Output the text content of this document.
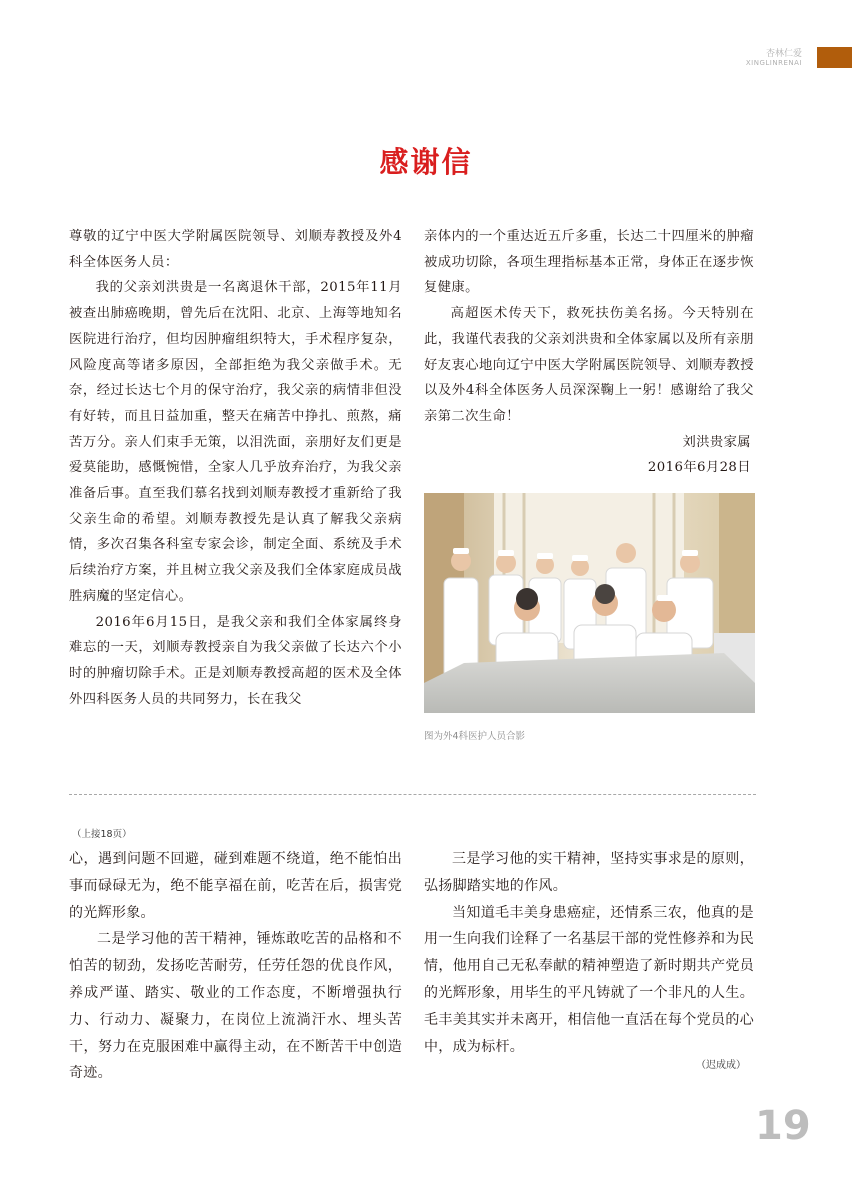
杏林仁爱
XINGLINRENAI
感谢信

尊敬的辽宁中医大学附属医院领导、刘顺寿教授及外4科全体医务人员：

我的父亲刘洪贵是一名离退休干部，2015年11月被查出肺癌晚期，曾先后在沈阳、北京、上海等地知名医院进行治疗，但均因肿瘤组织特大，手术程序复杂，风险度高等诸多原因，全部拒绝为我父亲做手术。无奈，经过长达七个月的保守治疗，我父亲的病情非但没有好转，而且日益加重，整天在痛苦中挣扎、煎熬，痛苦万分。亲人们束手无策，以泪洗面，亲朋好友们更是爱莫能助，感慨惋惜，全家人几乎放弃治疗，为我父亲准备后事。直至我们慕名找到刘顺寿教授才重新给了我父亲生命的希望。刘顺寿教授先是认真了解我父亲病情，多次召集各科室专家会诊，制定全面、系统及手术后续治疗方案，并且树立我父亲及我们全体家庭成员战胜病魔的坚定信心。

2016年6月15日，是我父亲和我们全体家属终身难忘的一天，刘顺寿教授亲自为我父亲做了长达六个小时的肿瘤切除手术。正是刘顺寿教授高超的医术及全体外四科医务人员的共同努力，长在我父

亲体内的一个重达近五斤多重，长达二十四厘米的肿瘤被成功切除，各项生理指标基本正常，身体正在逐步恢复健康。

高超医术传天下，救死扶伤美名扬。今天特别在此，我谨代表我的父亲刘洪贵和全体家属以及所有亲朋好友衷心地向辽宁中医大学附属医院领导、刘顺寿教授以及外4科全体医务人员深深鞠上一躬！感谢给了我父亲第二次生命！

刘洪贵家属

2016年6月28日

图为外4科医护人员合影
（上接18页）

心，遇到问题不回避，碰到难题不绕道，绝不能怕出事而碌碌无为，绝不能享福在前，吃苦在后，损害党的光辉形象。

二是学习他的苦干精神，锤炼敢吃苦的品格和不怕苦的韧劲，发扬吃苦耐劳，任劳任怨的优良作风，养成严谨、踏实、敬业的工作态度，不断增强执行力、行动力、凝聚力，在岗位上流淌汗水、埋头苦干，努力在克服困难中赢得主动，在不断苦干中创造奇迹。

三是学习他的实干精神，坚持实事求是的原则，弘扬脚踏实地的作风。

当知道毛丰美身患癌症，还情系三农，他真的是用一生向我们诠释了一名基层干部的党性修养和为民情，他用自己无私奉献的精神塑造了新时期共产党员的光辉形象，用毕生的平凡铸就了一个非凡的人生。毛丰美其实并未离开，相信他一直活在每个党员的心中，成为标杆。

（迟成成）
19
